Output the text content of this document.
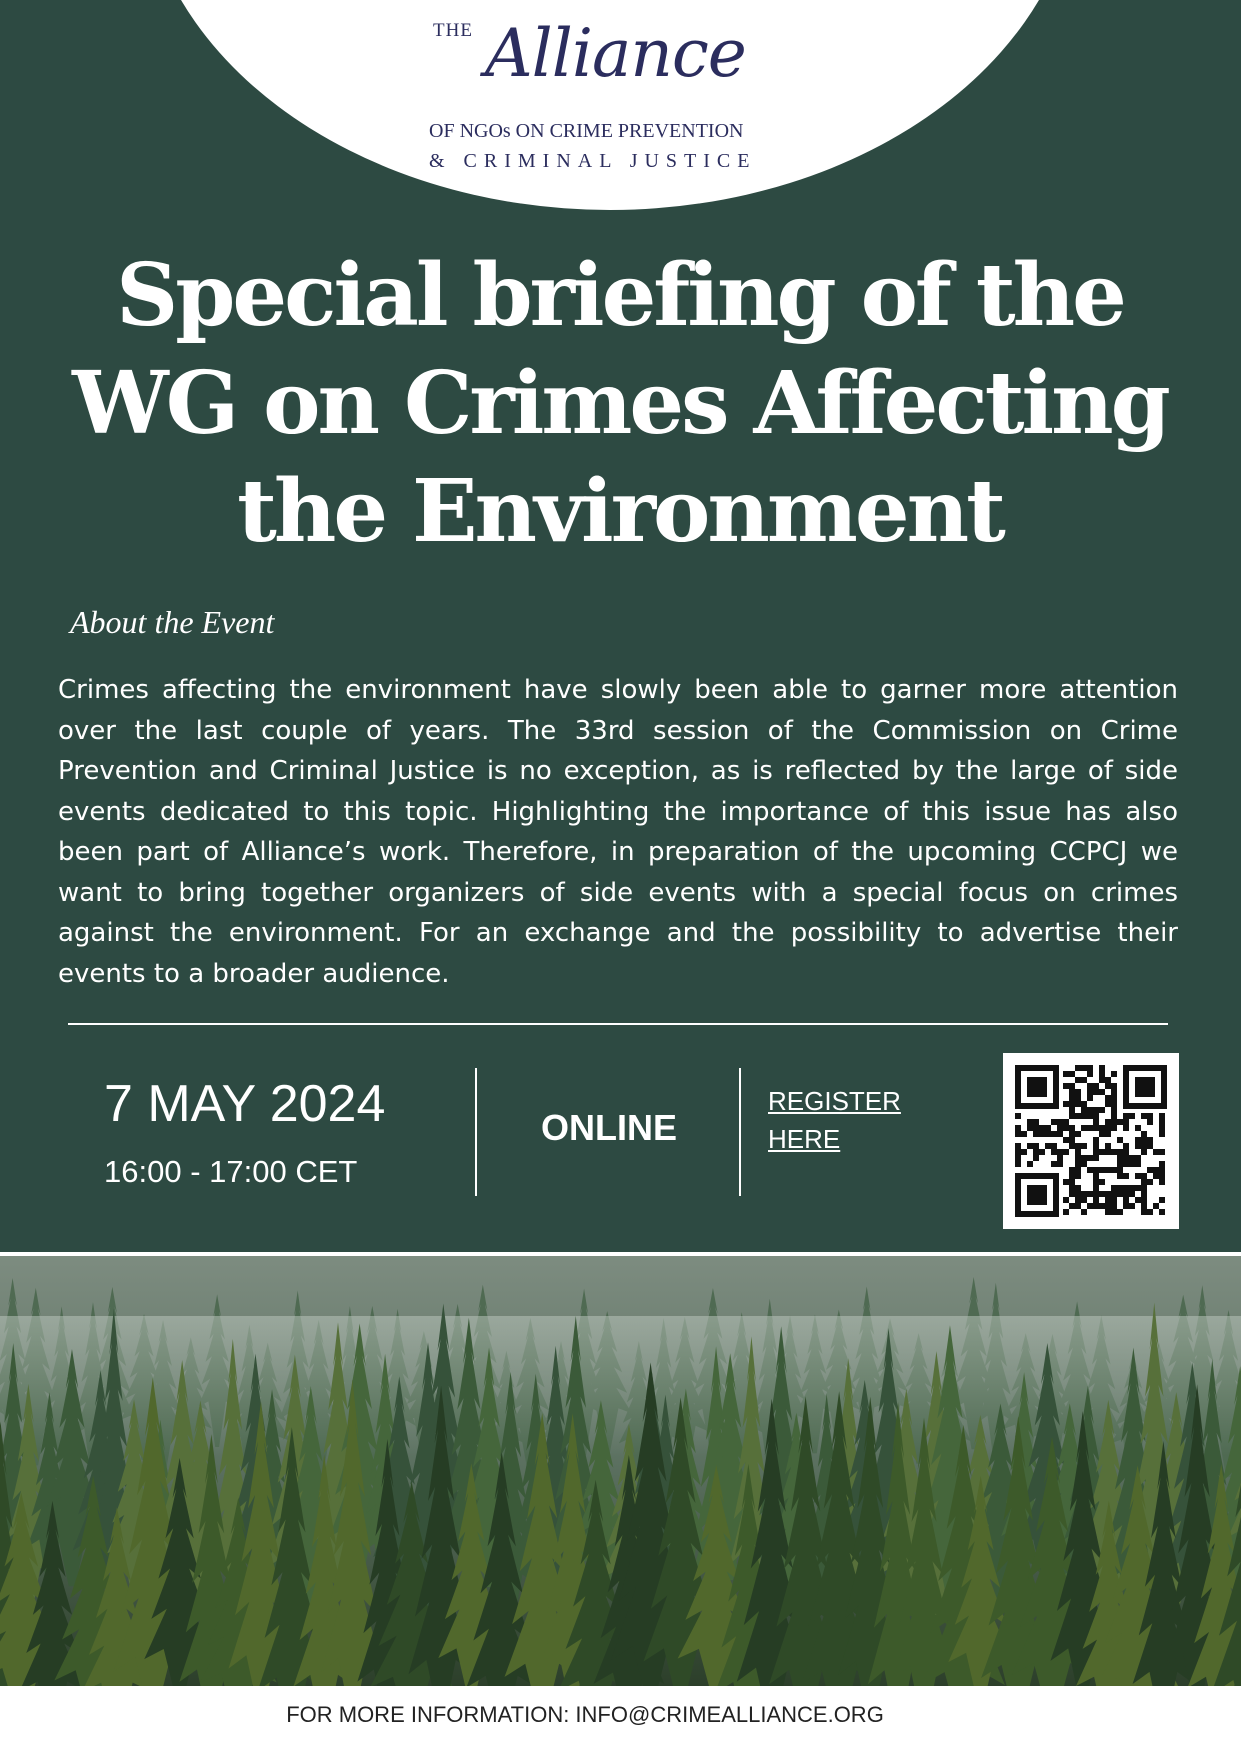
THE Alliance
OF NGOs ON CRIME PREVENTION
& CRIMINAL JUSTICE
Special briefing of the WG on Crimes Affecting the Environment
About the Event

Crimes affecting the environment have slowly been able to garner more attention over the last couple of years. The 33rd session of the Commission on Crime Prevention and Criminal Justice is no exception, as is reflected by the large of side events dedicated to this topic. Highlighting the importance of this issue has also been part of Alliance’s work. Therefore, in preparation of the upcoming CCPCJ we want to bring together organizers of side events with a special focus on crimes against the environment. For an exchange and the possibility to advertise their events to a broader audience.

7 MAY 2024
16:00 - 17:00 CET
ONLINE
REGISTER HERE
FOR MORE INFORMATION: INFO@CRIMEALLIANCE.ORG
